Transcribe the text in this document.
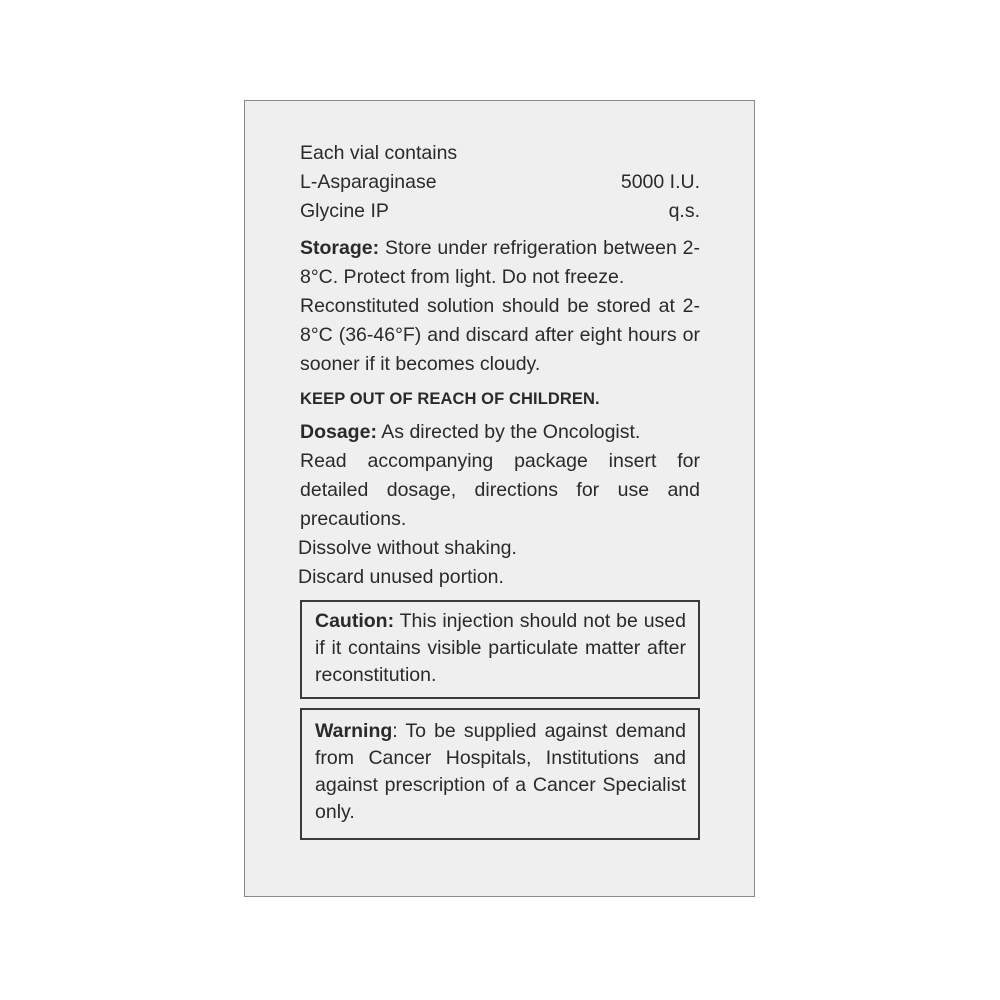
Each vial contains
L-Asparaginase	5000 I.U.
Glycine IP	q.s.
Storage: Store under refrigeration between 2-8°C. Protect from light. Do not freeze.
Reconstituted solution should be stored at 2-8°C (36-46°F) and discard after eight hours or sooner if it becomes cloudy.
KEEP OUT OF REACH OF CHILDREN.
Dosage: As directed by the Oncologist.
Read accompanying package insert for detailed dosage, directions for use and precautions.
Dissolve without shaking.
Discard unused portion.
Caution: This injection should not be used if it contains visible particulate matter after reconstitution.
Warning: To be supplied against demand from Cancer Hospitals, Institutions and against prescription of a Cancer Specialist only.
